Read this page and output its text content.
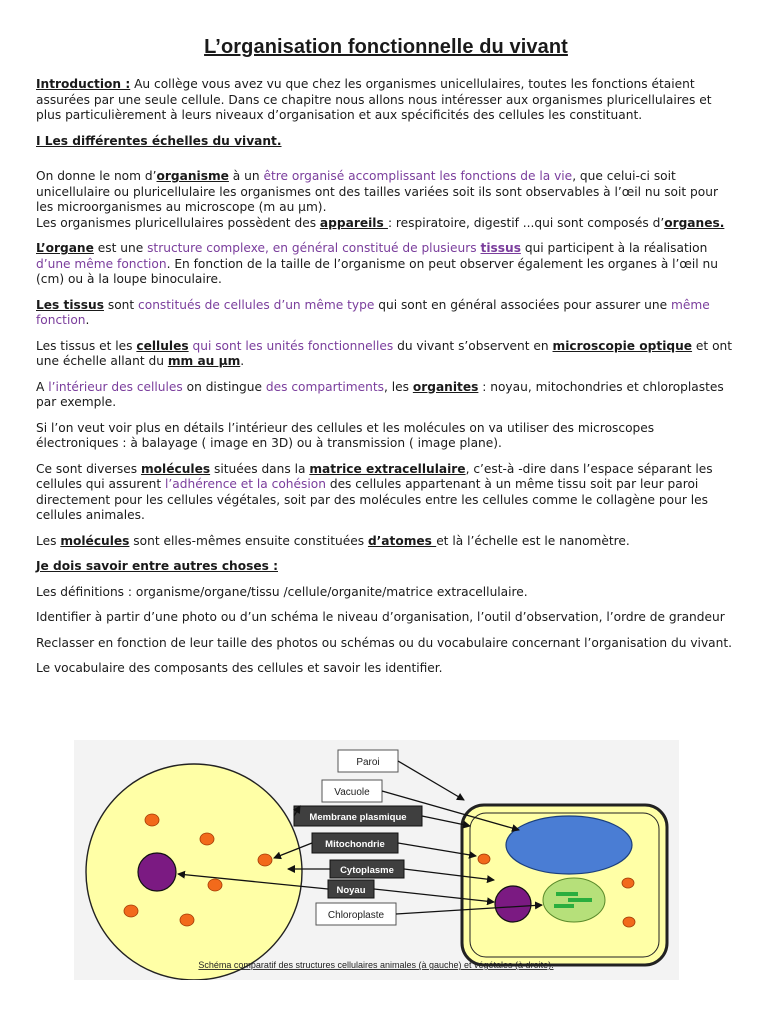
L’organisation fonctionnelle du vivant

Introduction : Au collège vous avez vu que chez les organismes unicellulaires, toutes les fonctions étaient assurées par une seule cellule. Dans ce chapitre nous allons nous intéresser aux organismes pluricellulaires et plus particulièrement à leurs niveaux d’organisation et aux spécificités des cellules les constituant.

I Les différentes échelles du vivant.

On donne le nom d’organisme à un être organisé accomplissant les fonctions de la vie, que celui-ci soit unicellulaire ou pluricellulaire les organismes ont des tailles variées soit ils sont observables à l’œil nu soit pour les microorganismes au microscope (m au µm).
Les organismes pluricellulaires possèdent des appareils : respiratoire, digestif ...qui sont composés d’organes.

L’organe est une structure complexe, en général constitué de plusieurs tissus qui participent à la réalisation d’une même fonction. En fonction de la taille de l’organisme on peut observer également les organes à l’œil nu (cm) ou à la loupe binoculaire.

Les tissus sont constitués de cellules d’un même type qui sont en général associées pour assurer une même fonction.

Les tissus et les cellules qui sont les unités fonctionnelles du vivant s’observent en microscopie optique et ont une échelle allant du mm au µm.

A l’intérieur des cellules on distingue des compartiments, les organites : noyau, mitochondries et chloroplastes par exemple.

Si l’on veut voir plus en détails l’intérieur des cellules et les molécules on va utiliser des microscopes électroniques : à balayage ( image en 3D) ou à transmission ( image plane).

Ce sont diverses molécules situées dans la matrice extracellulaire, c’est-à -dire dans l’espace séparant les cellules qui assurent l’adhérence et la cohésion des cellules appartenant à un même tissu soit par leur paroi directement pour les cellules végétales, soit par des molécules entre les cellules comme le collagène pour les cellules animales.

Les molécules sont elles-mêmes ensuite constituées d’atomes et là l’échelle est le nanomètre.

Je dois savoir entre autres choses :

Les définitions : organisme/organe/tissu /cellule/organite/matrice extracellulaire.

Identifier à partir d’une photo ou d’un schéma le niveau d’organisation, l’outil d’observation, l’ordre de grandeur

Reclasser en fonction de leur taille des photos ou schémas ou du vocabulaire concernant l’organisation du vivant.

Le vocabulaire des composants des cellules et savoir les identifier.

Paroi
Vacuole
Membrane plasmique
Mitochondrie
Cytoplasme
Noyau
Chloroplaste
Schéma comparatif des structures cellulaires animales (à gauche) et végétales (à droite).
